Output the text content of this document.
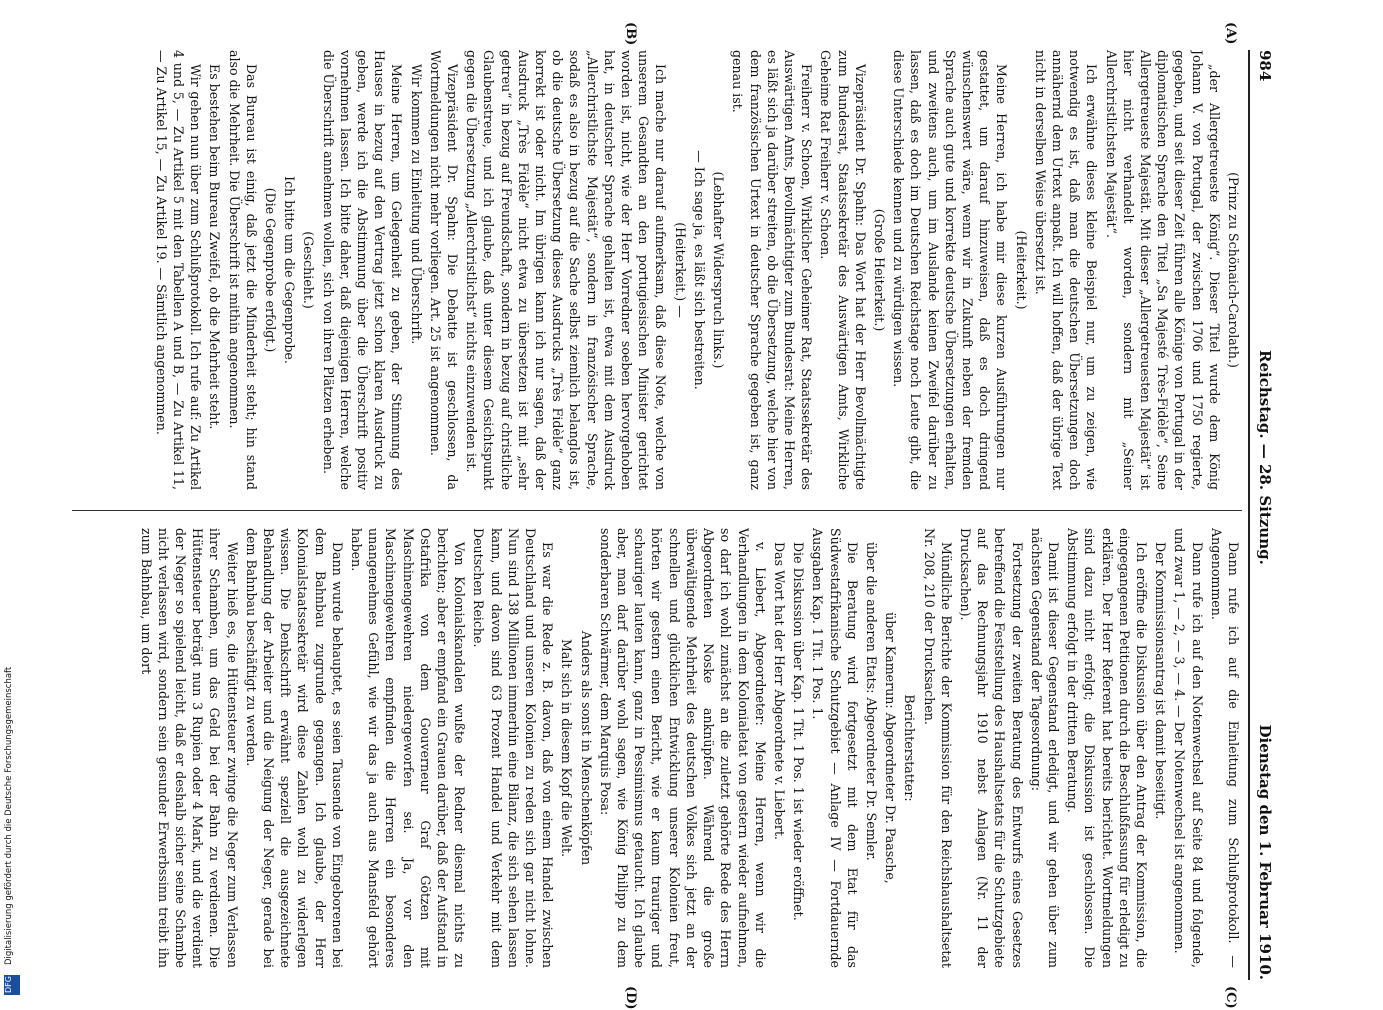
984
Reichstag. — 28. Sitzung.
Dienstag den 1. Februar 1910.
(A)
(B)
(C)
(D)

(Prinz zu Schönaich-Carolath.)

„der Allergetreueste König“. Dieser Titel wurde dem König Johann V. von Portugal, der zwischen 1706 und 1750 regierte, gegeben, und seit dieser Zeit führen alle Könige von Portugal in der diplomatischen Sprache den Titel „Sa Majesté Très-Fidèle“, Seine Allergetreueste Majestät. Mit dieser „Allergetreuesten Majestät“ ist hier nicht verhandelt worden, sondern mit „Seiner Allerchristlichsten Majestät“.

Ich erwähne dieses kleine Beispiel nur, um zu zeigen, wie notwendig es ist, daß man die deutschen Übersetzungen doch annähernd dem Urtext anpaßt. Ich will hoffen, daß der übrige Text nicht in derselben Weise übersetzt ist.

(Heiterkeit.)

Meine Herren, ich habe mir diese kurzen Ausführungen nur gestattet, um darauf hinzuweisen, daß es doch dringend wünschenswert wäre, wenn wir in Zukunft neben der fremden Sprache auch gute und korrekte deutsche Übersetzungen erhalten, und zweitens auch, um im Auslande keinen Zweifel darüber zu lassen, daß es doch im Deutschen Reichstage noch Leute gibt, die diese Unterschiede kennen und zu würdigen wissen.

(Große Heiterkeit.)

Vizepräsident Dr. Spahn: Das Wort hat der Herr Bevollmächtigte zum Bundesrat, Staatssekretär des Auswärtigen Amts, Wirkliche Geheime Rat Freiherr v. Schoen.

Freiherr v. Schoen, Wirklicher Geheimer Rat, Staatssekretär des Auswärtigen Amts, Bevollmächtigter zum Bundesrat: Meine Herren, es läßt sich ja darüber streiten, ob die Übersetzung, welche hier von dem französischen Urtext in deutscher Sprache gegeben ist, ganz genau ist.

(Lebhafter Widerspruch links.)

— Ich sage ja, es läßt sich bestreiten.

(Heiterkeit.) —

Ich mache nur darauf aufmerksam, daß diese Note, welche von unserem Gesandten an den portugiesischen Minister gerichtet worden ist, nicht, wie der Herr Vorredner soeben hervorgehoben hat, in deutscher Sprache gehalten ist, etwa mit dem Ausdruck „Allerchristlichste Majestät“, sondern in französischer Sprache, sodaß es also in bezug auf die Sache selbst ziemlich belanglos ist, ob die deutsche Übersetzung dieses Ausdrucks „Très Fidèle“ ganz korrekt ist oder nicht. Im übrigen kann ich nur sagen, daß der Ausdruck „Très Fidèle“ nicht etwa zu übersetzen ist mit „sehr getreu“ in bezug auf Freundschaft, sondern in bezug auf christliche Glaubenstreue, und ich glaube, daß unter diesem Gesichtspunkt gegen die Übersetzung „Allerchristlichst“ nichts einzuwenden ist.

Vizepräsident Dr. Spahn: Die Debatte ist geschlossen, da Wortmeldungen nicht mehr vorliegen. Art. 25 ist angenommen.

Wir kommen zu Einleitung und Überschrift.

Meine Herren, um Gelegenheit zu geben, der Stimmung des Hauses in bezug auf den Vertrag jetzt schon klaren Ausdruck zu geben, werde ich die Abstimmung über die Überschrift positiv vornehmen lassen. Ich bitte daher, daß diejenigen Herren, welche die Überschrift annehmen wollen, sich von ihren Plätzen erheben.

(Geschieht.)

Ich bitte um die Gegenprobe.

(Die Gegenprobe erfolgt.)

Das Bureau ist einig, daß jetzt die Minderheit steht; hin stand also die Mehrheit. Die Überschrift ist mithin angenommen.

Es bestehen beim Bureau Zweifel, ob die Mehrheit steht.

Wir gehen nun über zum Schlußprotokoll. Ich rufe auf: Zu Artikel 4 und 5, — Zu Artikel 5 mit den Tabellen A und B, — Zu Artikel 11, — Zu Artikel 15, — Zu Artikel 19. — Sämtlich angenommen.

Dann rufe ich auf die Einleitung zum Schlußprotokoll. — Angenommen.

Dann rufe ich auf den Notenwechsel auf Seite 84 und folgende, und zwar 1, — 2, — 3, — 4. — Der Notenwechsel ist angenommen.

Der Kommissionsantrag ist damit beseitigt.

Ich eröffne die Diskussion über den Antrag der Kommission, die eingegangenen Petitionen durch die Beschlußfassung für erledigt zu erklären. Der Herr Referent hat bereits berichtet. Wortmeldungen sind dazu nicht erfolgt; die Diskussion ist geschlossen. Die Abstimmung erfolgt in der dritten Beratung.

Damit ist dieser Gegenstand erledigt, und wir gehen über zum nächsten Gegenstand der Tagesordnung:

Fortsetzung der zweiten Beratung des Entwurfs eines Gesetzes betreffend die Feststellung des Haushaltsetats für die Schutzgebiete auf das Rechnungsjahr 1910 nebst Anlagen (Nr. 11 der Drucksachen).

Mündliche Berichte der Kommission für den Reichshaushaltsetat Nr. 208, 210 der Drucksachen.

Berichterstatter:

über Kamerun: Abgeordneter Dr. Paasche,

über die anderen Etats: Abgeordneter Dr. Semler.

Die Beratung wird fortgesetzt mit dem Etat für das Südwestafrikanische Schutzgebiet — Anlage IV — Fortdauernde Ausgaben Kap. 1 Tit. 1 Pos. 1.

Die Diskussion über Kap. 1 Tit. 1 Pos. 1 ist wieder eröffnet.

Das Wort hat der Herr Abgeordnete v. Liebert.

v. Liebert, Abgeordneter: Meine Herren, wenn wir die Verhandlungen in dem Kolonialetat von gestern wieder aufnehmen, so darf ich wohl zunächst an die zuletzt gehörte Rede des Herrn Abgeordneten Noske anknüpfen. Während die große überwältigende Mehrheit des deutschen Volkes sich jetzt an der schnellen und glücklichen Entwicklung unserer Kolonien freut, hörten wir gestern einen Bericht, wie er kaum trauriger und schauriger lauten kann, ganz in Pessimismus getaucht. Ich glaube aber, man darf darüber wohl sagen, wie König Philipp zu dem sonderbaren Schwärmer, dem Marquis Posa:

Anders als sonst in Menschenköpfen

Malt sich in diesem Kopf die Welt.

Es war die Rede z. B. davon, daß von einem Handel zwischen Deutschland und unseren Kolonien zu reden sich gar nicht lohne. Nun sind 138 Millionen immerhin eine Bilanz, die sich sehen lassen kann, und davon sind 63 Prozent Handel und Verkehr mit dem Deutschen Reiche.

Von Kolonialskandalen wußte der Redner diesmal nichts zu berichten; aber er empfand ein Grauen darüber, daß der Aufstand in Ostafrika von dem Gouverneur Graf Götzen mit Maschinengewehren niedergeworfen sei. Ja, vor den Maschinengewehren empfinden die Herren ein besonderes unangenehmes Gefühl, wie wir das ja auch aus Mansfeld gehört haben.

Dann wurde behauptet, es seien Tausende von Eingeborenen bei dem Bahnbau zugrunde gegangen. Ich glaube, der Herr Kolonialstaatssekretär wird diese Zahlen wohl zu widerlegen wissen. Die Denkschrift erwähnt speziell die ausgezeichnete Behandlung der Arbeiter und die Neigung der Neger, gerade bei dem Bahnbau beschäftigt zu werden.

Weiter hieß es, die Hüttensteuer zwinge die Neger zum Verlassen ihrer Schamben, um das Geld bei der Bahn zu verdienen. Die Hüttensteuer beträgt nun 3 Rupien oder 4 Mark, und die verdient der Neger so spielend leicht, daß er deshalb sicher seine Schambe nicht verlassen wird, sondern sein gesunder Erwerbssinn treibt ihn zum Bahnbau, um dort

Digitalisierung gefördert durch die Deutsche Forschungsgemeinschaft
DFG
